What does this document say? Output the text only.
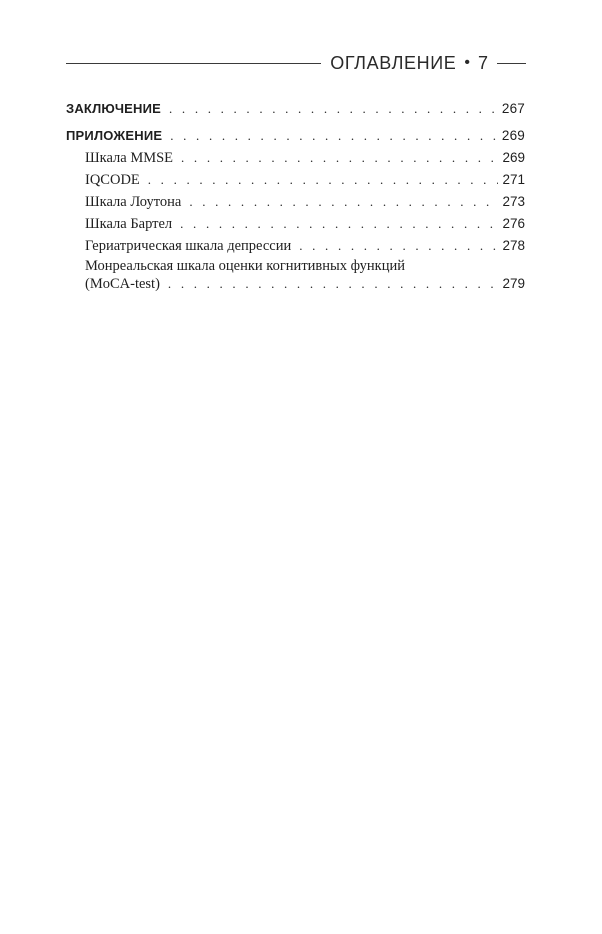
ОГЛАВЛЕНИЕ • 7
ЗАКЛЮЧЕНИЕ . . .	267
ПРИЛОЖЕНИЕ . . .	269
Шкала MMSE . . .	269
IQCODE . . .	271
Шкала Лоутона . . .	273
Шкала Бартел . . .	276
Гериатрическая шкала депрессии . . .	278
Монреальская шкала оценки когнитивных функций
(MoCA-test) . . .	279
